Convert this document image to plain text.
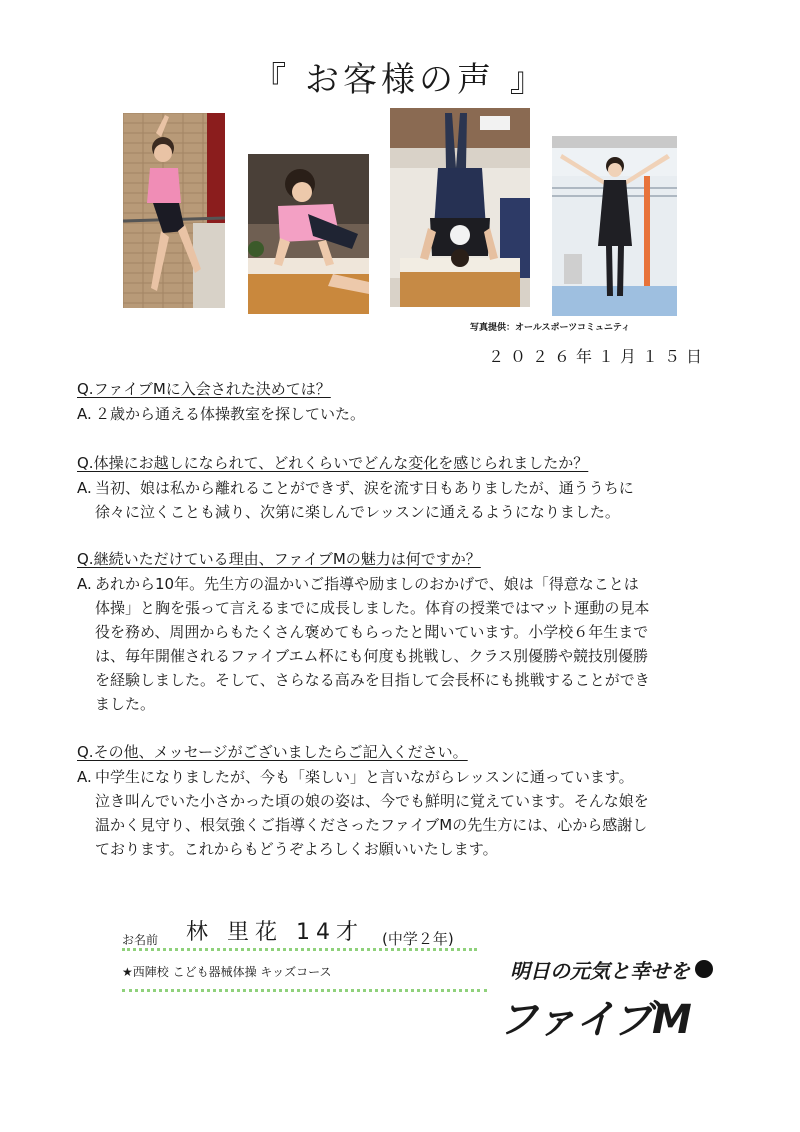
『 お客様の声 』
写真提供：オールスポーツコミュニティ
２０２６年１月１５日
Q.ファイブMに入会された決めては？
A. ２歳から通える体操教室を探していた。
Q.体操にお越しになられて、どれくらいでどんな変化を感じられましたか？
A. 当初、娘は私から離れることができず、涙を流す日もありましたが、通ううちに
徐々に泣くことも減り、次第に楽しんでレッスンに通えるようになりました。
Q.継続いただけている理由、ファイブMの魅力は何ですか？
A. あれから10年。先生方の温かいご指導や励ましのおかげで、娘は「得意なことは
体操」と胸を張って言えるまでに成長しました。体育の授業ではマット運動の見本
役を務め、周囲からもたくさん褒めてもらったと聞いています。小学校６年生まで
は、毎年開催されるファイブエム杯にも何度も挑戦し、クラス別優勝や競技別優勝
を経験しました。そして、さらなる高みを目指して会長杯にも挑戦することができ
ました。
Q.その他、メッセージがございましたらご記入ください。
A. 中学生になりましたが、今も「楽しい」と言いながらレッスンに通っています。
泣き叫んでいた小さかった頃の娘の姿は、今でも鮮明に覚えています。そんな娘を
温かく見守り、根気強くご指導くださったファイブMの先生方には、心から感謝し
ております。これからもどうぞよろしくお願いいたします。
お名前 林 里花 14才 (中学２年)
★西陣校 こども器械体操 キッズコース	明日の元気と幸せを
ファイブM
